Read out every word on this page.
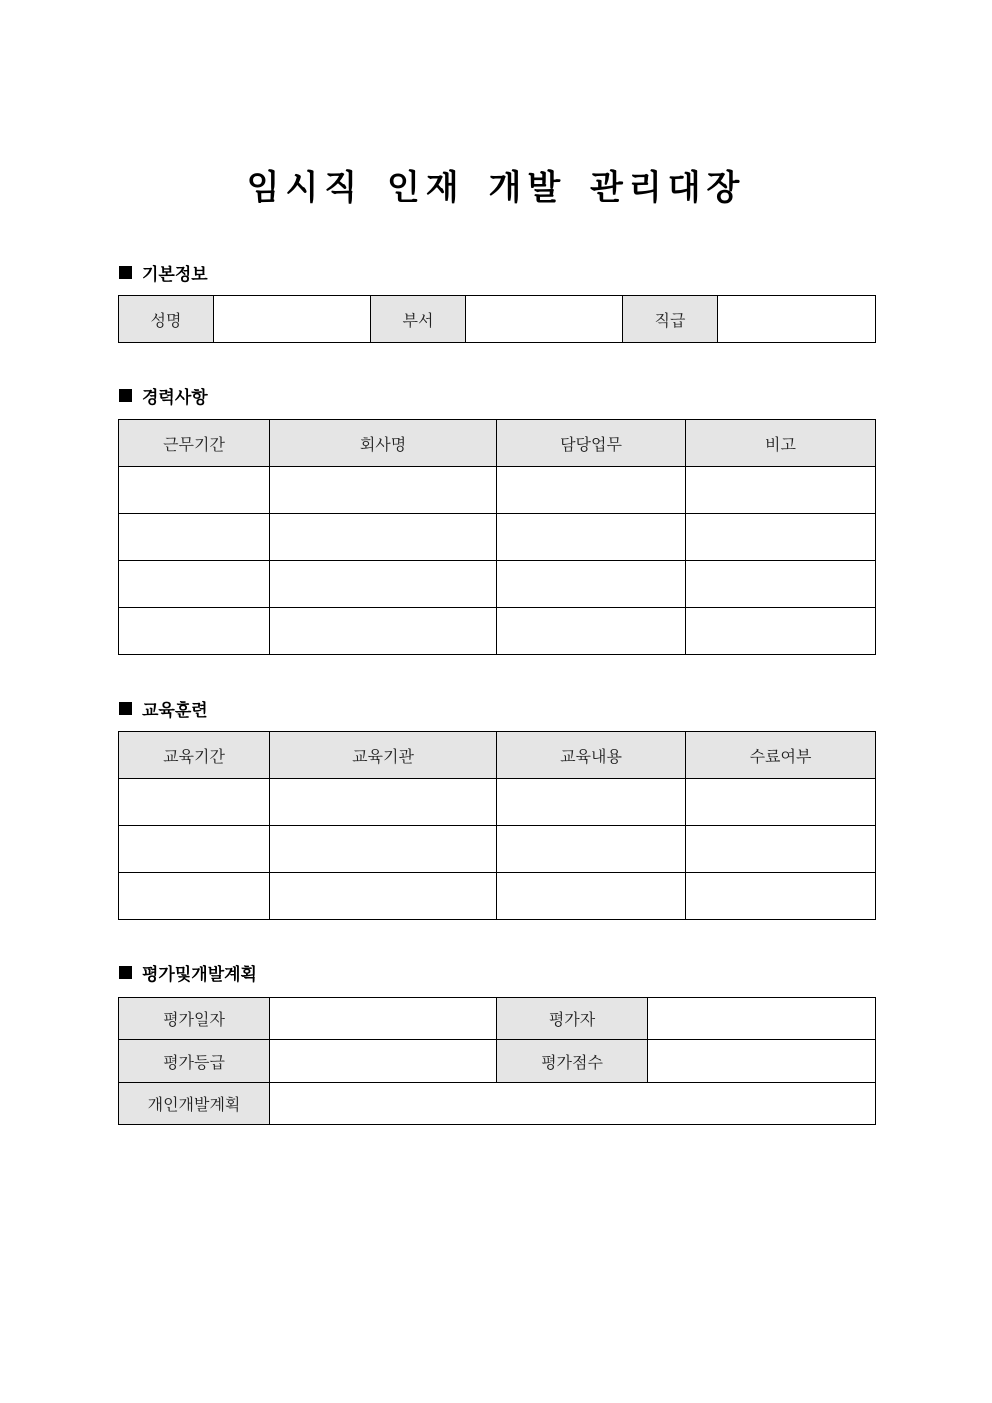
임시직 인재 개발 관리대장
기본정보
성명		부서		직급	
경력사항
근무기간	회사명	담당업무	비고

교육훈련
교육기간	교육기관	교육내용	수료여부

평가및개발계획
평가일자		평가자	
평가등급		평가점수	
개인개발계획			
